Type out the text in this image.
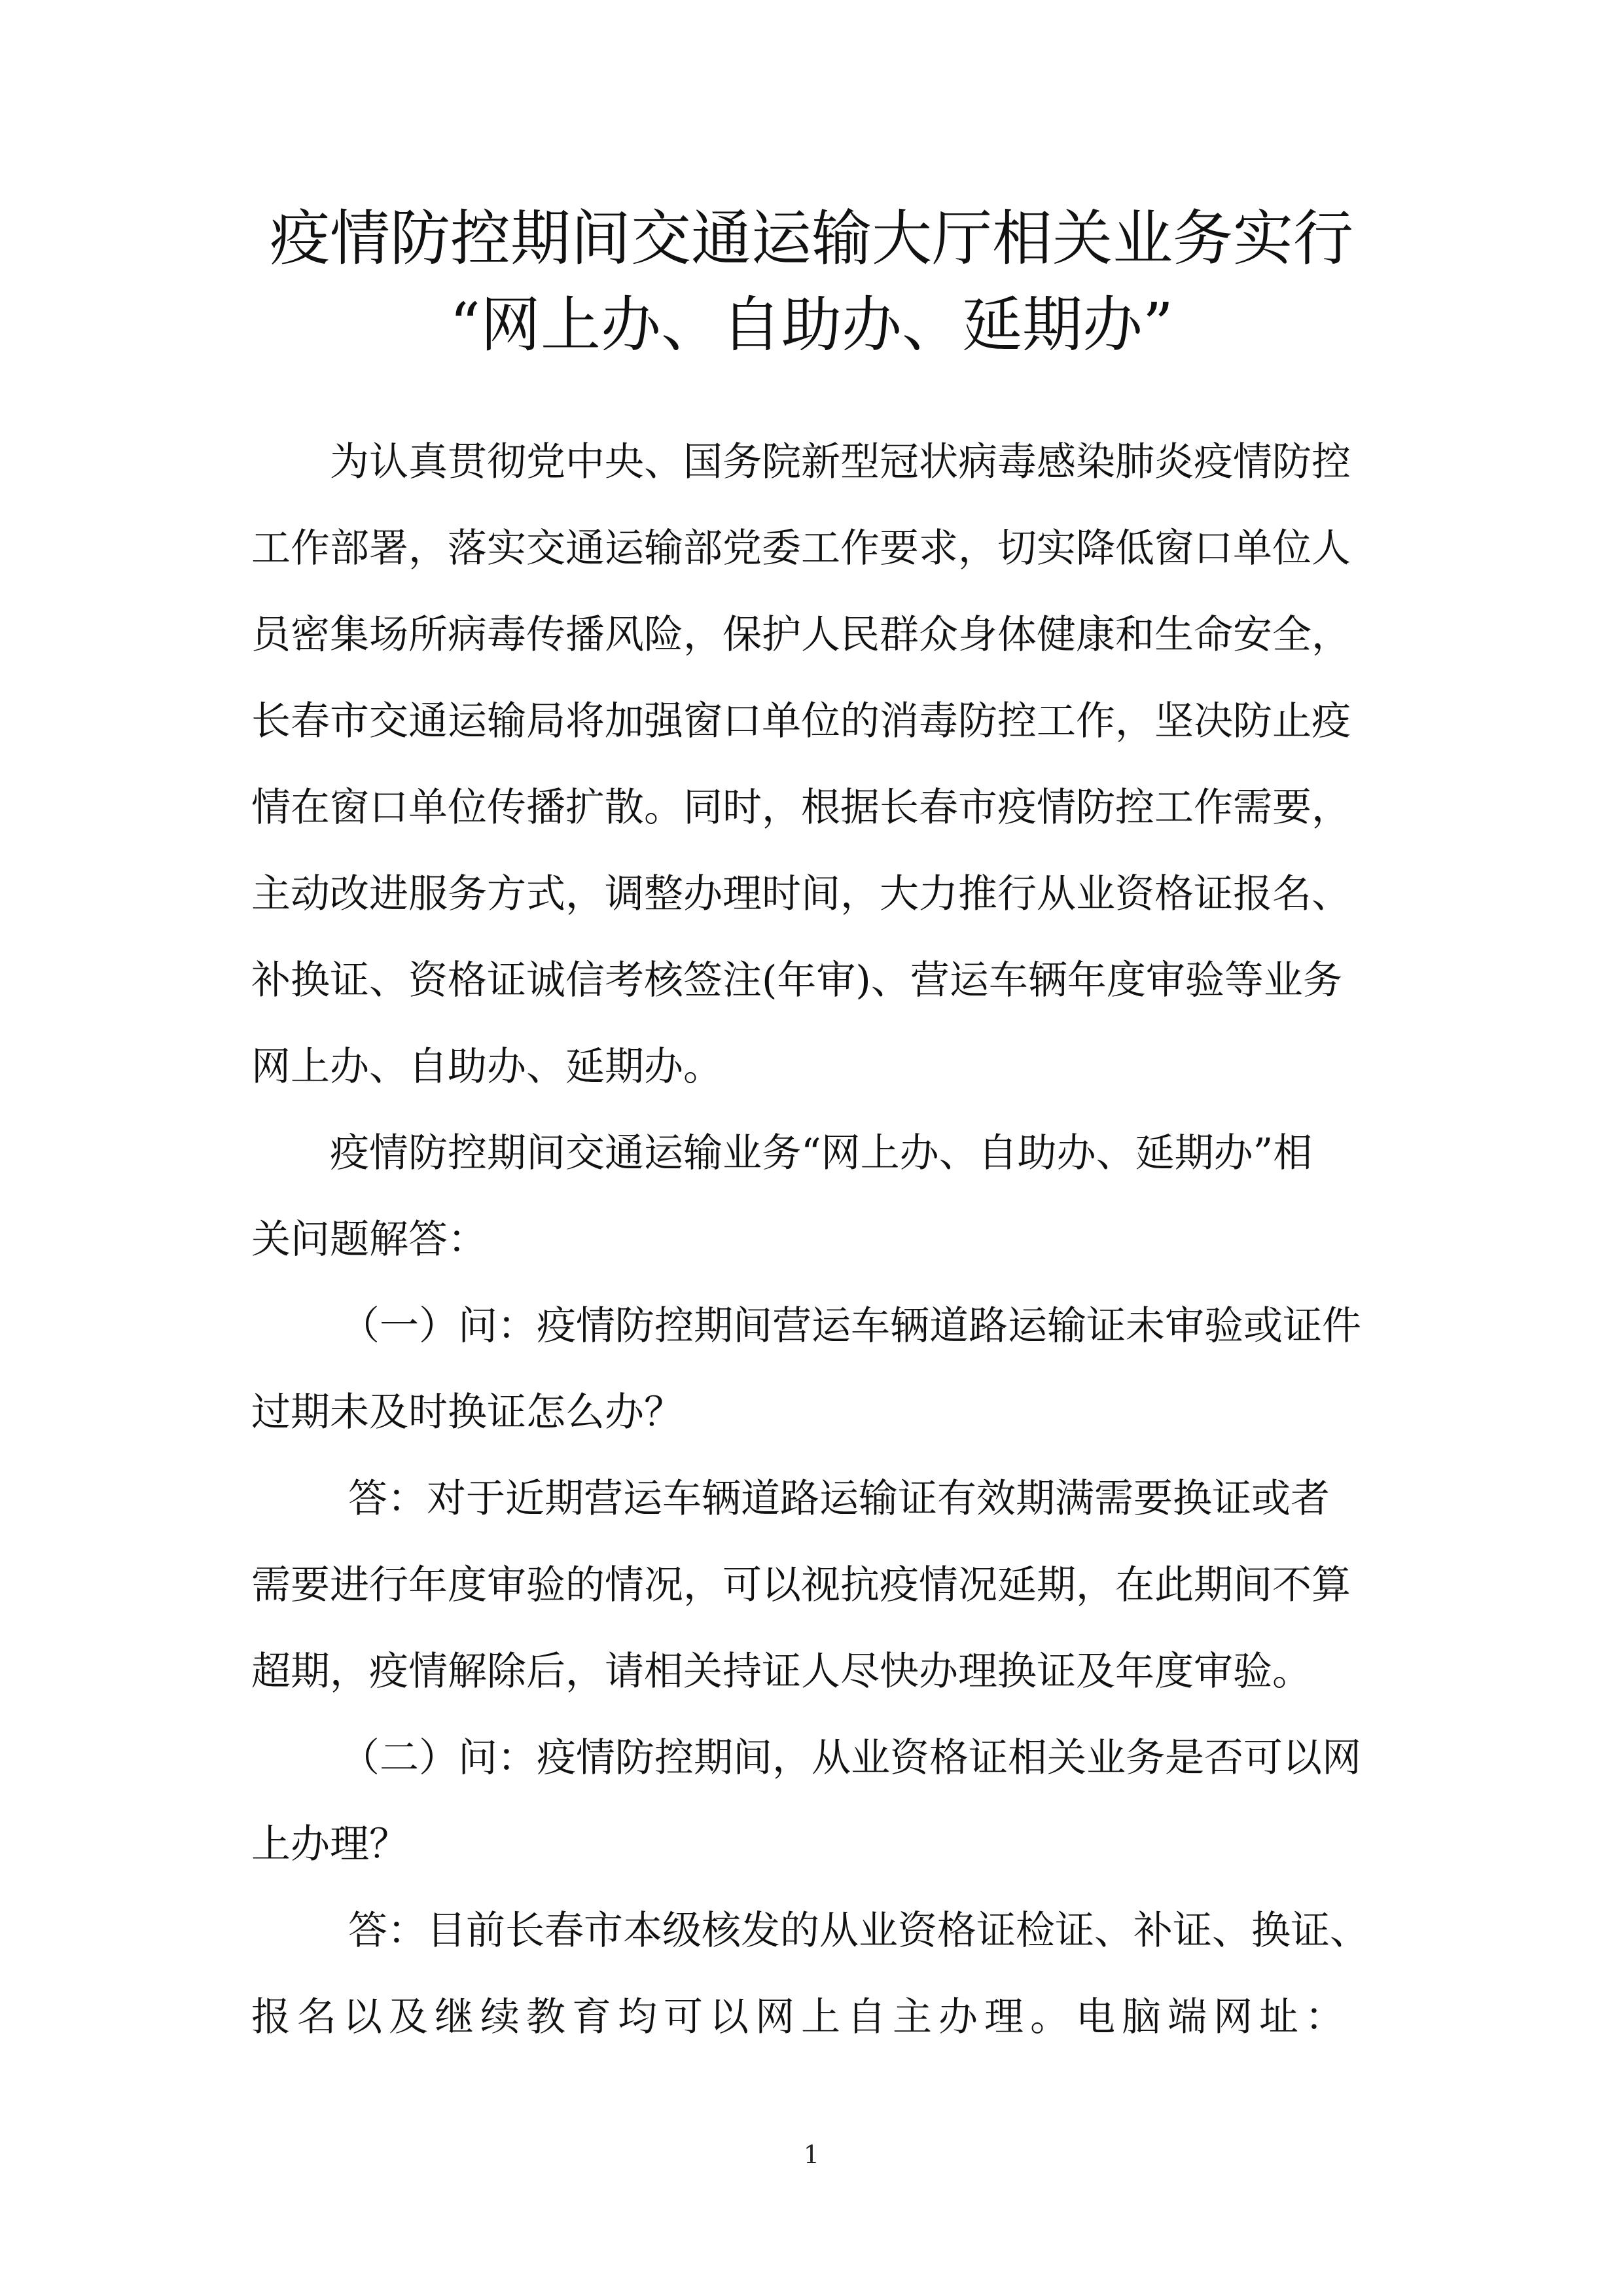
疫情防控期间交通运输大厅相关业务实行
“网上办、自助办、延期办”
为认真贯彻党中央、国务院新型冠状病毒感染肺炎疫情防控
工作部署，落实交通运输部党委工作要求，切实降低窗口单位人
员密集场所病毒传播风险，保护人民群众身体健康和生命安全，
长春市交通运输局将加强窗口单位的消毒防控工作，坚决防止疫
情在窗口单位传播扩散。同时，根据长春市疫情防控工作需要，
主动改进服务方式，调整办理时间，大力推行从业资格证报名、
补换证、资格证诚信考核签注(年审)、营运车辆年度审验等业务
网上办、自助办、延期办。
疫情防控期间交通运输业务“网上办、自助办、延期办”相
关问题解答：
（一）问：疫情防控期间营运车辆道路运输证未审验或证件
过期未及时换证怎么办？
答：对于近期营运车辆道路运输证有效期满需要换证或者
需要进行年度审验的情况，可以视抗疫情况延期，在此期间不算
超期，疫情解除后，请相关持证人尽快办理换证及年度审验。
（二）问：疫情防控期间，从业资格证相关业务是否可以网
上办理？
答：目前长春市本级核发的从业资格证检证、补证、换证、
报名以及继续教育均可以网上自主办理。电脑端网址：
1
